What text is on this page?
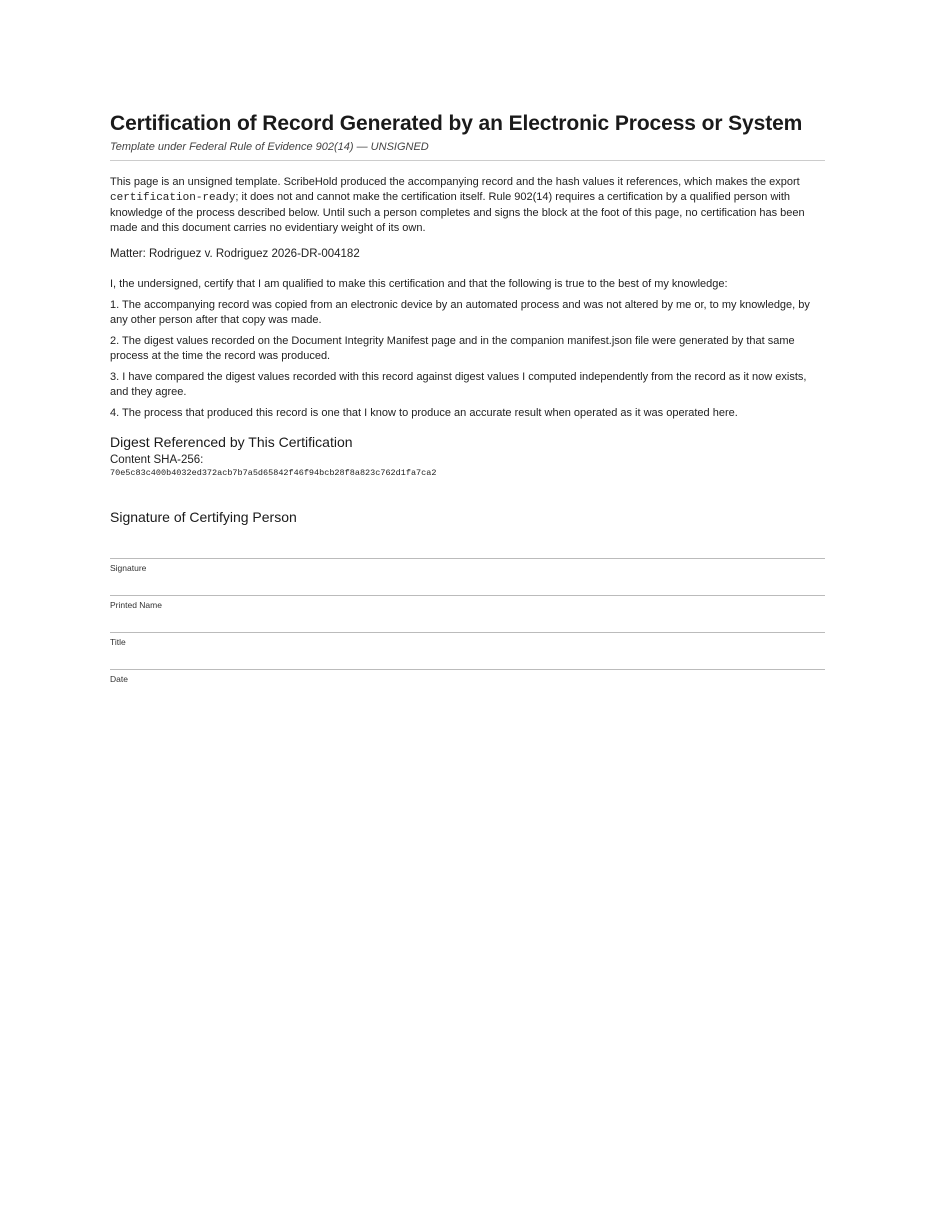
Certification of Record Generated by an Electronic Process or System
Template under Federal Rule of Evidence 902(14) — UNSIGNED

This page is an unsigned template. ScribeHold produced the accompanying record and the hash values it references, which makes the export certification-ready; it does not and cannot make the certification itself. Rule 902(14) requires a certification by a qualified person with knowledge of the process described below. Until such a person completes and signs the block at the foot of this page, no certification has been made and this document carries no evidentiary weight of its own.

Matter: Rodriguez v. Rodriguez 2026-DR-004182

I, the undersigned, certify that I am qualified to make this certification and that the following is true to the best of my knowledge:

1. The accompanying record was copied from an electronic device by an automated process and was not altered by me or, to my knowledge, by any other person after that copy was made.

2. The digest values recorded on the Document Integrity Manifest page and in the companion manifest.json file were generated by that same process at the time the record was produced.

3. I have compared the digest values recorded with this record against digest values I computed independently from the record as it now exists, and they agree.

4. The process that produced this record is one that I know to produce an accurate result when operated as it was operated here.

Digest Referenced by This Certification
Content SHA-256:
70e5c83c400b4032ed372acb7b7a5d65842f46f94bcb28f8a823c762d1fa7ca2
Signature of Certifying Person
Signature
Printed Name
Title
Date
